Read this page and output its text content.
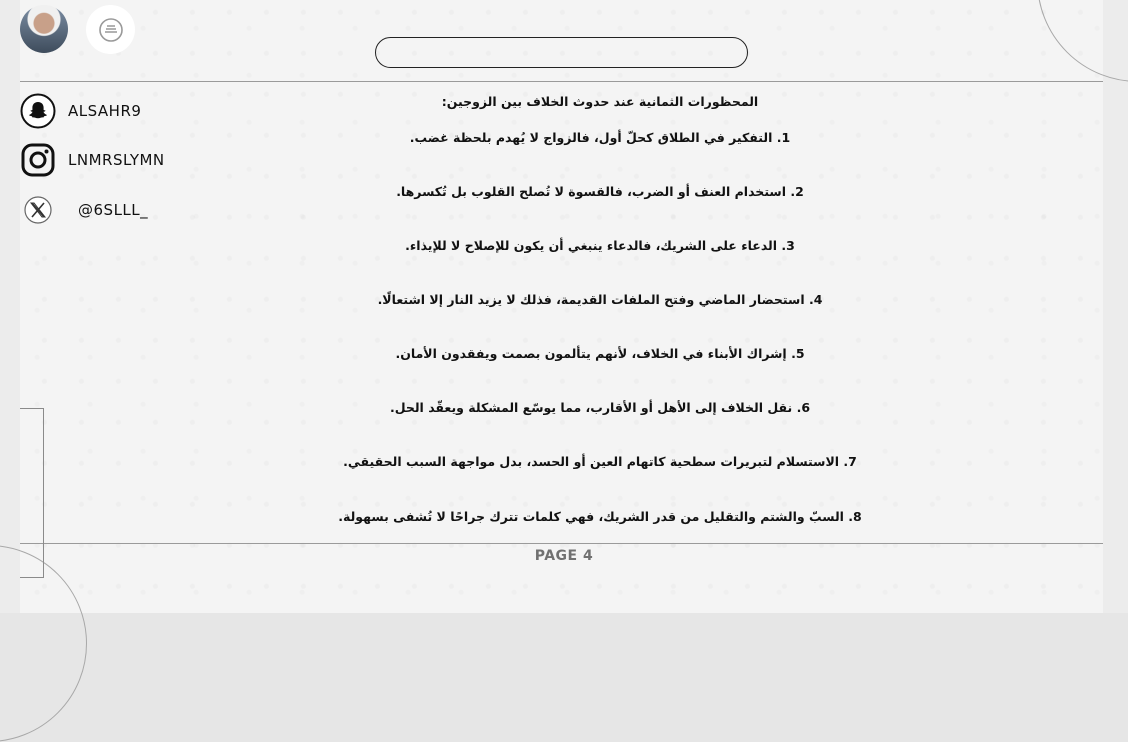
ALSAHR9
LNMRSLYMN
@6SLLL_
المحظورات الثمانية عند حدوث الخلاف بين الزوجين:
1. التفكير في الطلاق كحلّ أول، فالزواج لا يُهدم بلحظة غضب.
2. استخدام العنف أو الضرب، فالقسوة لا تُصلح القلوب بل تُكسرها.
3. الدعاء على الشريك، فالدعاء ينبغي أن يكون للإصلاح لا للإيذاء.
4. استحضار الماضي وفتح الملفات القديمة، فذلك لا يزيد النار إلا اشتعالًا.
5. إشراك الأبناء في الخلاف، لأنهم يتألمون بصمت ويفقدون الأمان.
6. نقل الخلاف إلى الأهل أو الأقارب، مما يوسّع المشكلة ويعقّد الحل.
7. الاستسلام لتبريرات سطحية كاتهام العين أو الحسد، بدل مواجهة السبب الحقيقي.
8. السبّ والشتم والتقليل من قدر الشريك، فهي كلمات تترك جراحًا لا تُشفى بسهولة.
PAGE 4
